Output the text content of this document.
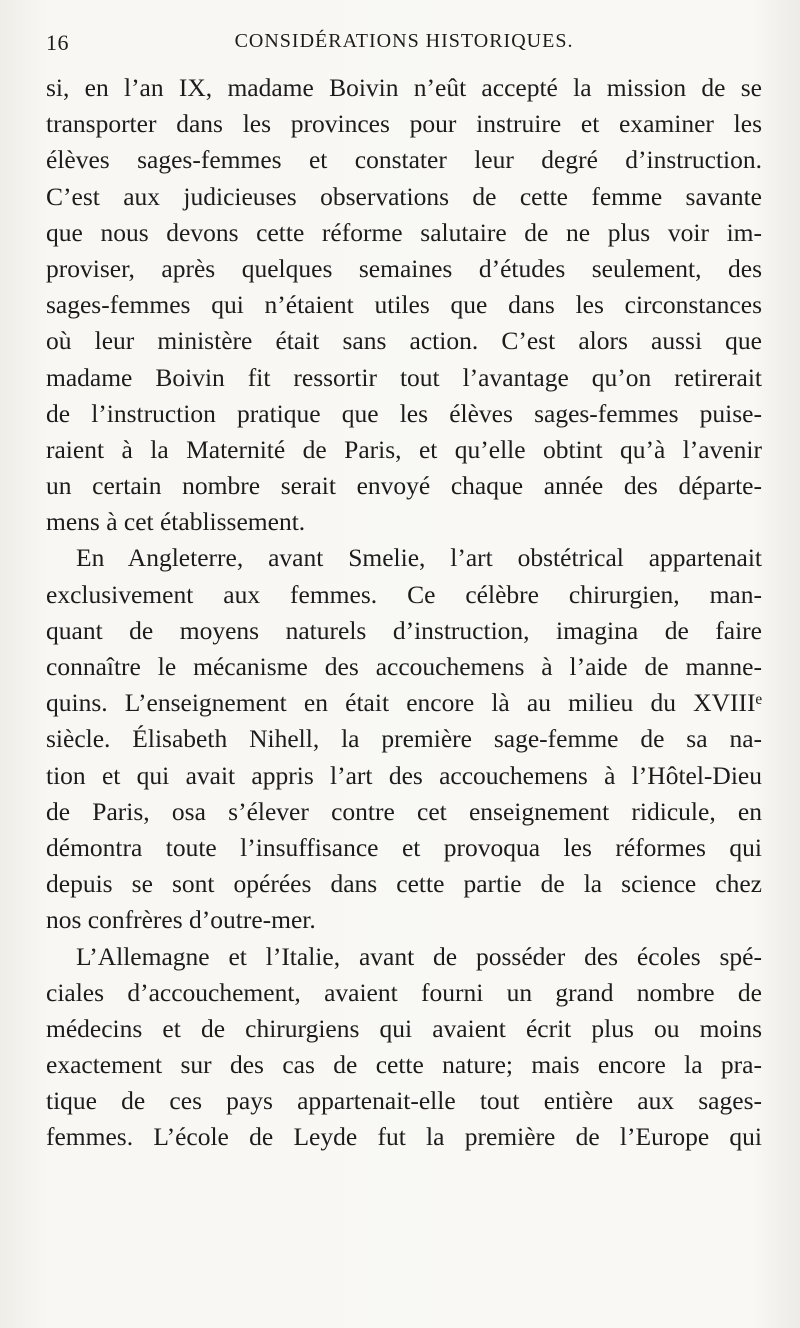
16	CONSIDÉRATIONS HISTORIQUES.
si, en l’an IX, madame Boivin n’eût accepté la mission de se
transporter dans les provinces pour instruire et examiner les
élèves sages-femmes et constater leur degré d’instruction.
C’est aux judicieuses observations de cette femme savante
que nous devons cette réforme salutaire de ne plus voir im-
proviser, après quelques semaines d’études seulement, des
sages-femmes qui n’étaient utiles que dans les circonstances
où leur ministère était sans action. C’est alors aussi que
madame Boivin fit ressortir tout l’avantage qu’on retirerait
de l’instruction pratique que les élèves sages-femmes puise-
raient à la Maternité de Paris, et qu’elle obtint qu’à l’avenir
un certain nombre serait envoyé chaque année des départe-
mens à cet établissement.
En Angleterre, avant Smelie, l’art obstétrical appartenait
exclusivement aux femmes. Ce célèbre chirurgien, man-
quant de moyens naturels d’instruction, imagina de faire
connaître le mécanisme des accouchemens à l’aide de manne-
quins. L’enseignement en était encore là au milieu du XVIIIᵉ
siècle. Élisabeth Nihell, la première sage-femme de sa na-
tion et qui avait appris l’art des accouchemens à l’Hôtel-Dieu
de Paris, osa s’élever contre cet enseignement ridicule, en
démontra toute l’insuffisance et provoqua les réformes qui
depuis se sont opérées dans cette partie de la science chez
nos confrères d’outre-mer.
L’Allemagne et l’Italie, avant de posséder des écoles spé-
ciales d’accouchement, avaient fourni un grand nombre de
médecins et de chirurgiens qui avaient écrit plus ou moins
exactement sur des cas de cette nature; mais encore la pra-
tique de ces pays appartenait-elle tout entière aux sages-
femmes. L’école de Leyde fut la première de l’Europe qui
